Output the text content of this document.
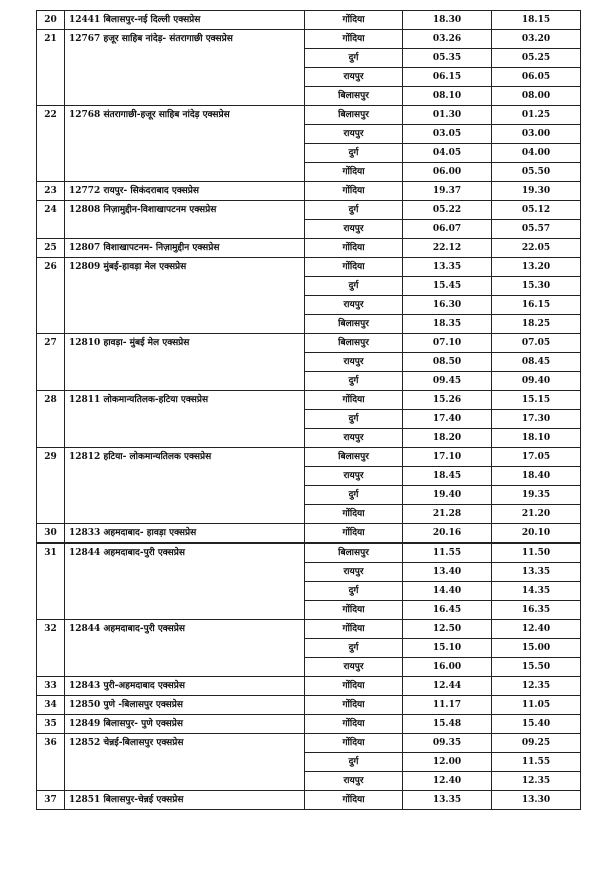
20	12441 बिलासपुर-नई दिल्ली एक्सप्रेस	गोंदिया	18.30	18.15
21	12767 हजूर साहिब नांदेड़- संतरागाछी एक्सप्रेस	गोंदिया	03.26	03.20
		दुर्ग	05.35	05.25
		रायपुर	06.15	06.05
		बिलासपुर	08.10	08.00
22	12768 संतरागाछी-हजूर साहिब नांदेड़ एक्सप्रेस	बिलासपुर	01.30	01.25
		रायपुर	03.05	03.00
		दुर्ग	04.05	04.00
		गोंदिया	06.00	05.50
23	12772 रायपुर- सिकंदराबाद एक्सप्रेस	गोंदिया	19.37	19.30
24	12808 निज़ामुद्दीन-विशाखापटनम एक्सप्रेस	दुर्ग	05.22	05.12
		रायपुर	06.07	05.57
25	12807 विशाखापटनम- निज़ामुद्दीन एक्सप्रेस	गोंदिया	22.12	22.05
26	12809 मुंबई-हावड़ा मेल एक्सप्रेस	गोंदिया	13.35	13.20
		दुर्ग	15.45	15.30
		रायपुर	16.30	16.15
		बिलासपुर	18.35	18.25
27	12810 हावड़ा- मुंबई मेल एक्सप्रेस	बिलासपुर	07.10	07.05
		रायपुर	08.50	08.45
		दुर्ग	09.45	09.40
28	12811 लोकमान्यतिलक-हटिया एक्सप्रेस	गोंदिया	15.26	15.15
		दुर्ग	17.40	17.30
		रायपुर	18.20	18.10
29	12812 हटिया- लोकमान्यतिलक एक्सप्रेस	बिलासपुर	17.10	17.05
		रायपुर	18.45	18.40
		दुर्ग	19.40	19.35
		गोंदिया	21.28	21.20
30	12833 अहमदाबाद- हावड़ा एक्सप्रेस	गोंदिया	20.16	20.10
31	12844 अहमदाबाद-पुरी एक्सप्रेस	बिलासपुर	11.55	11.50
		रायपुर	13.40	13.35
		दुर्ग	14.40	14.35
		गोंदिया	16.45	16.35
32	12844 अहमदाबाद-पुरी एक्सप्रेस	गोंदिया	12.50	12.40
		दुर्ग	15.10	15.00
		रायपुर	16.00	15.50
33	12843 पुरी-अहमदाबाद एक्सप्रेस	गोंदिया	12.44	12.35
34	12850 पुणे -बिलासपुर एक्सप्रेस	गोंदिया	11.17	11.05
35	12849 बिलासपुर- पुणे एक्सप्रेस	गोंदिया	15.48	15.40
36	12852 चेन्नई-बिलासपुर एक्सप्रेस	गोंदिया	09.35	09.25
		दुर्ग	12.00	11.55
		रायपुर	12.40	12.35
37	12851 बिलासपुर-चेन्नई एक्सप्रेस	गोंदिया	13.35	13.30
